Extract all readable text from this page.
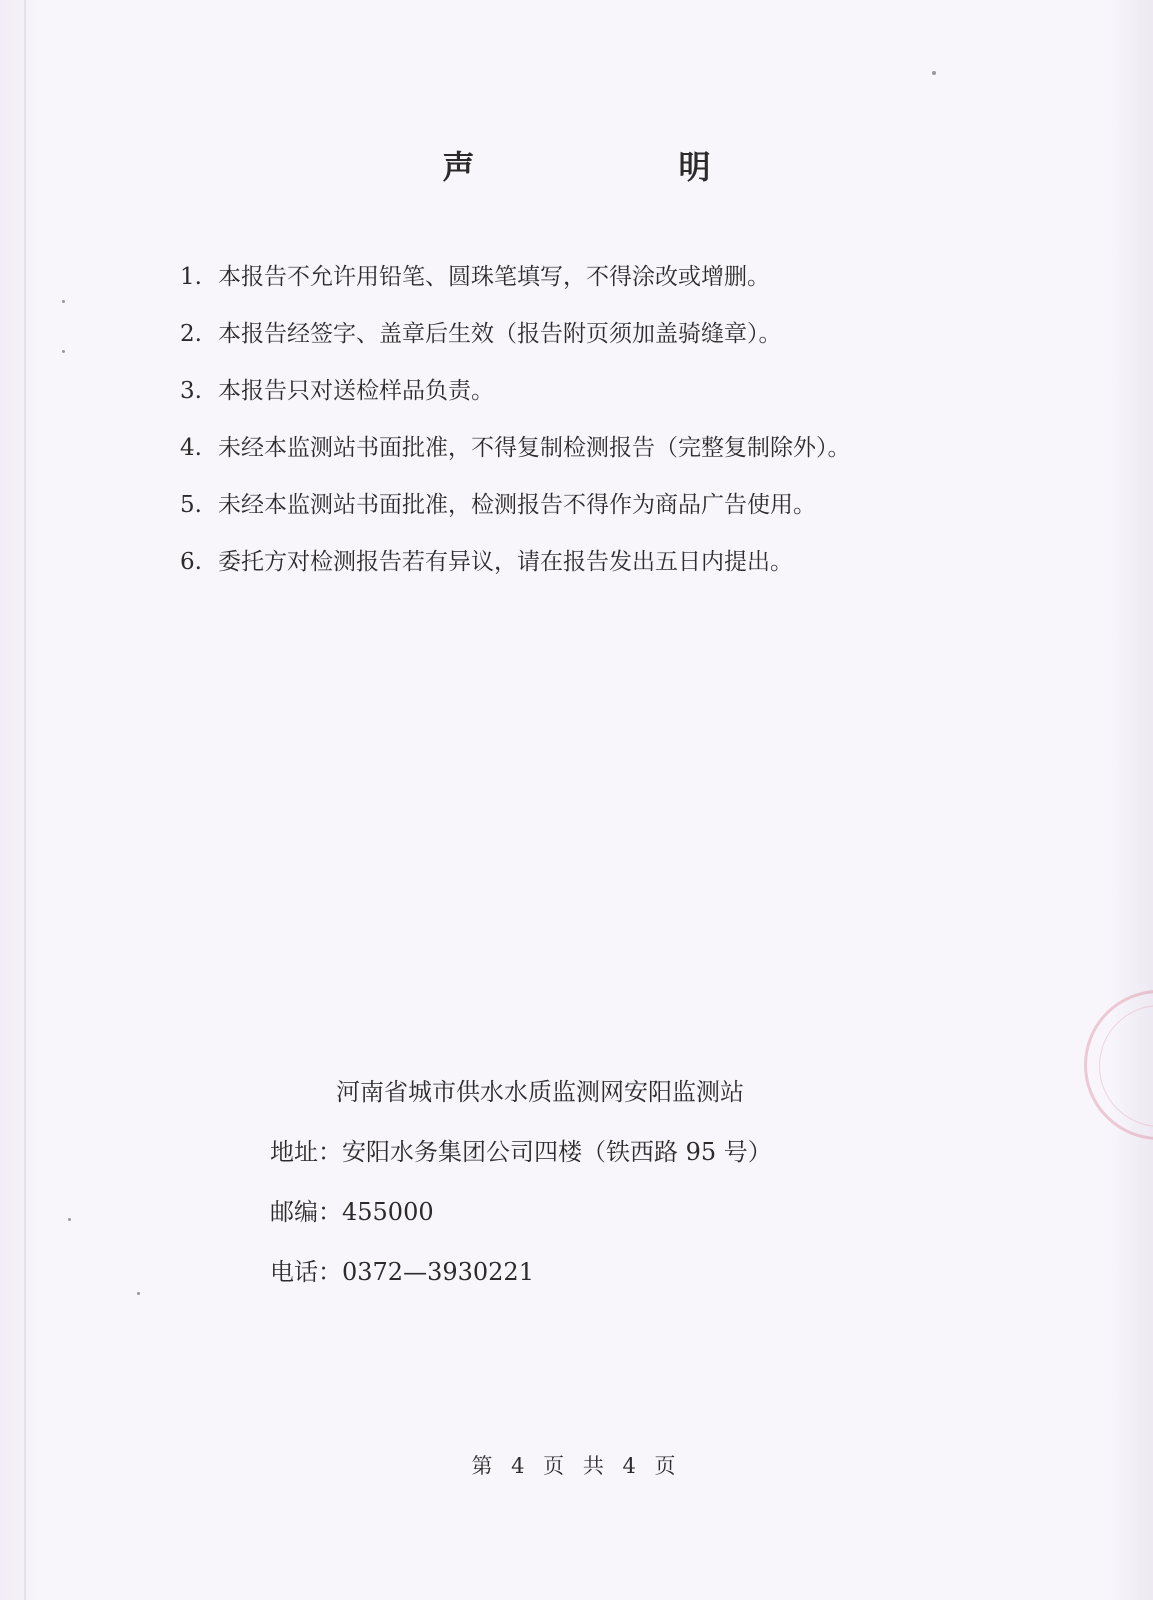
声　明
1. 本报告不允许用铅笔、圆珠笔填写，不得涂改或增删。
2. 本报告经签字、盖章后生效（报告附页须加盖骑缝章）。
3. 本报告只对送检样品负责。
4. 未经本监测站书面批准，不得复制检测报告（完整复制除外）。
5. 未经本监测站书面批准，检测报告不得作为商品广告使用。
6. 委托方对检测报告若有异议，请在报告发出五日内提出。
河南省城市供水水质监测网安阳监测站
地址：安阳水务集团公司四楼（铁西路 95 号）
邮编：455000
电话：0372—3930221
第 4 页 共 4 页
